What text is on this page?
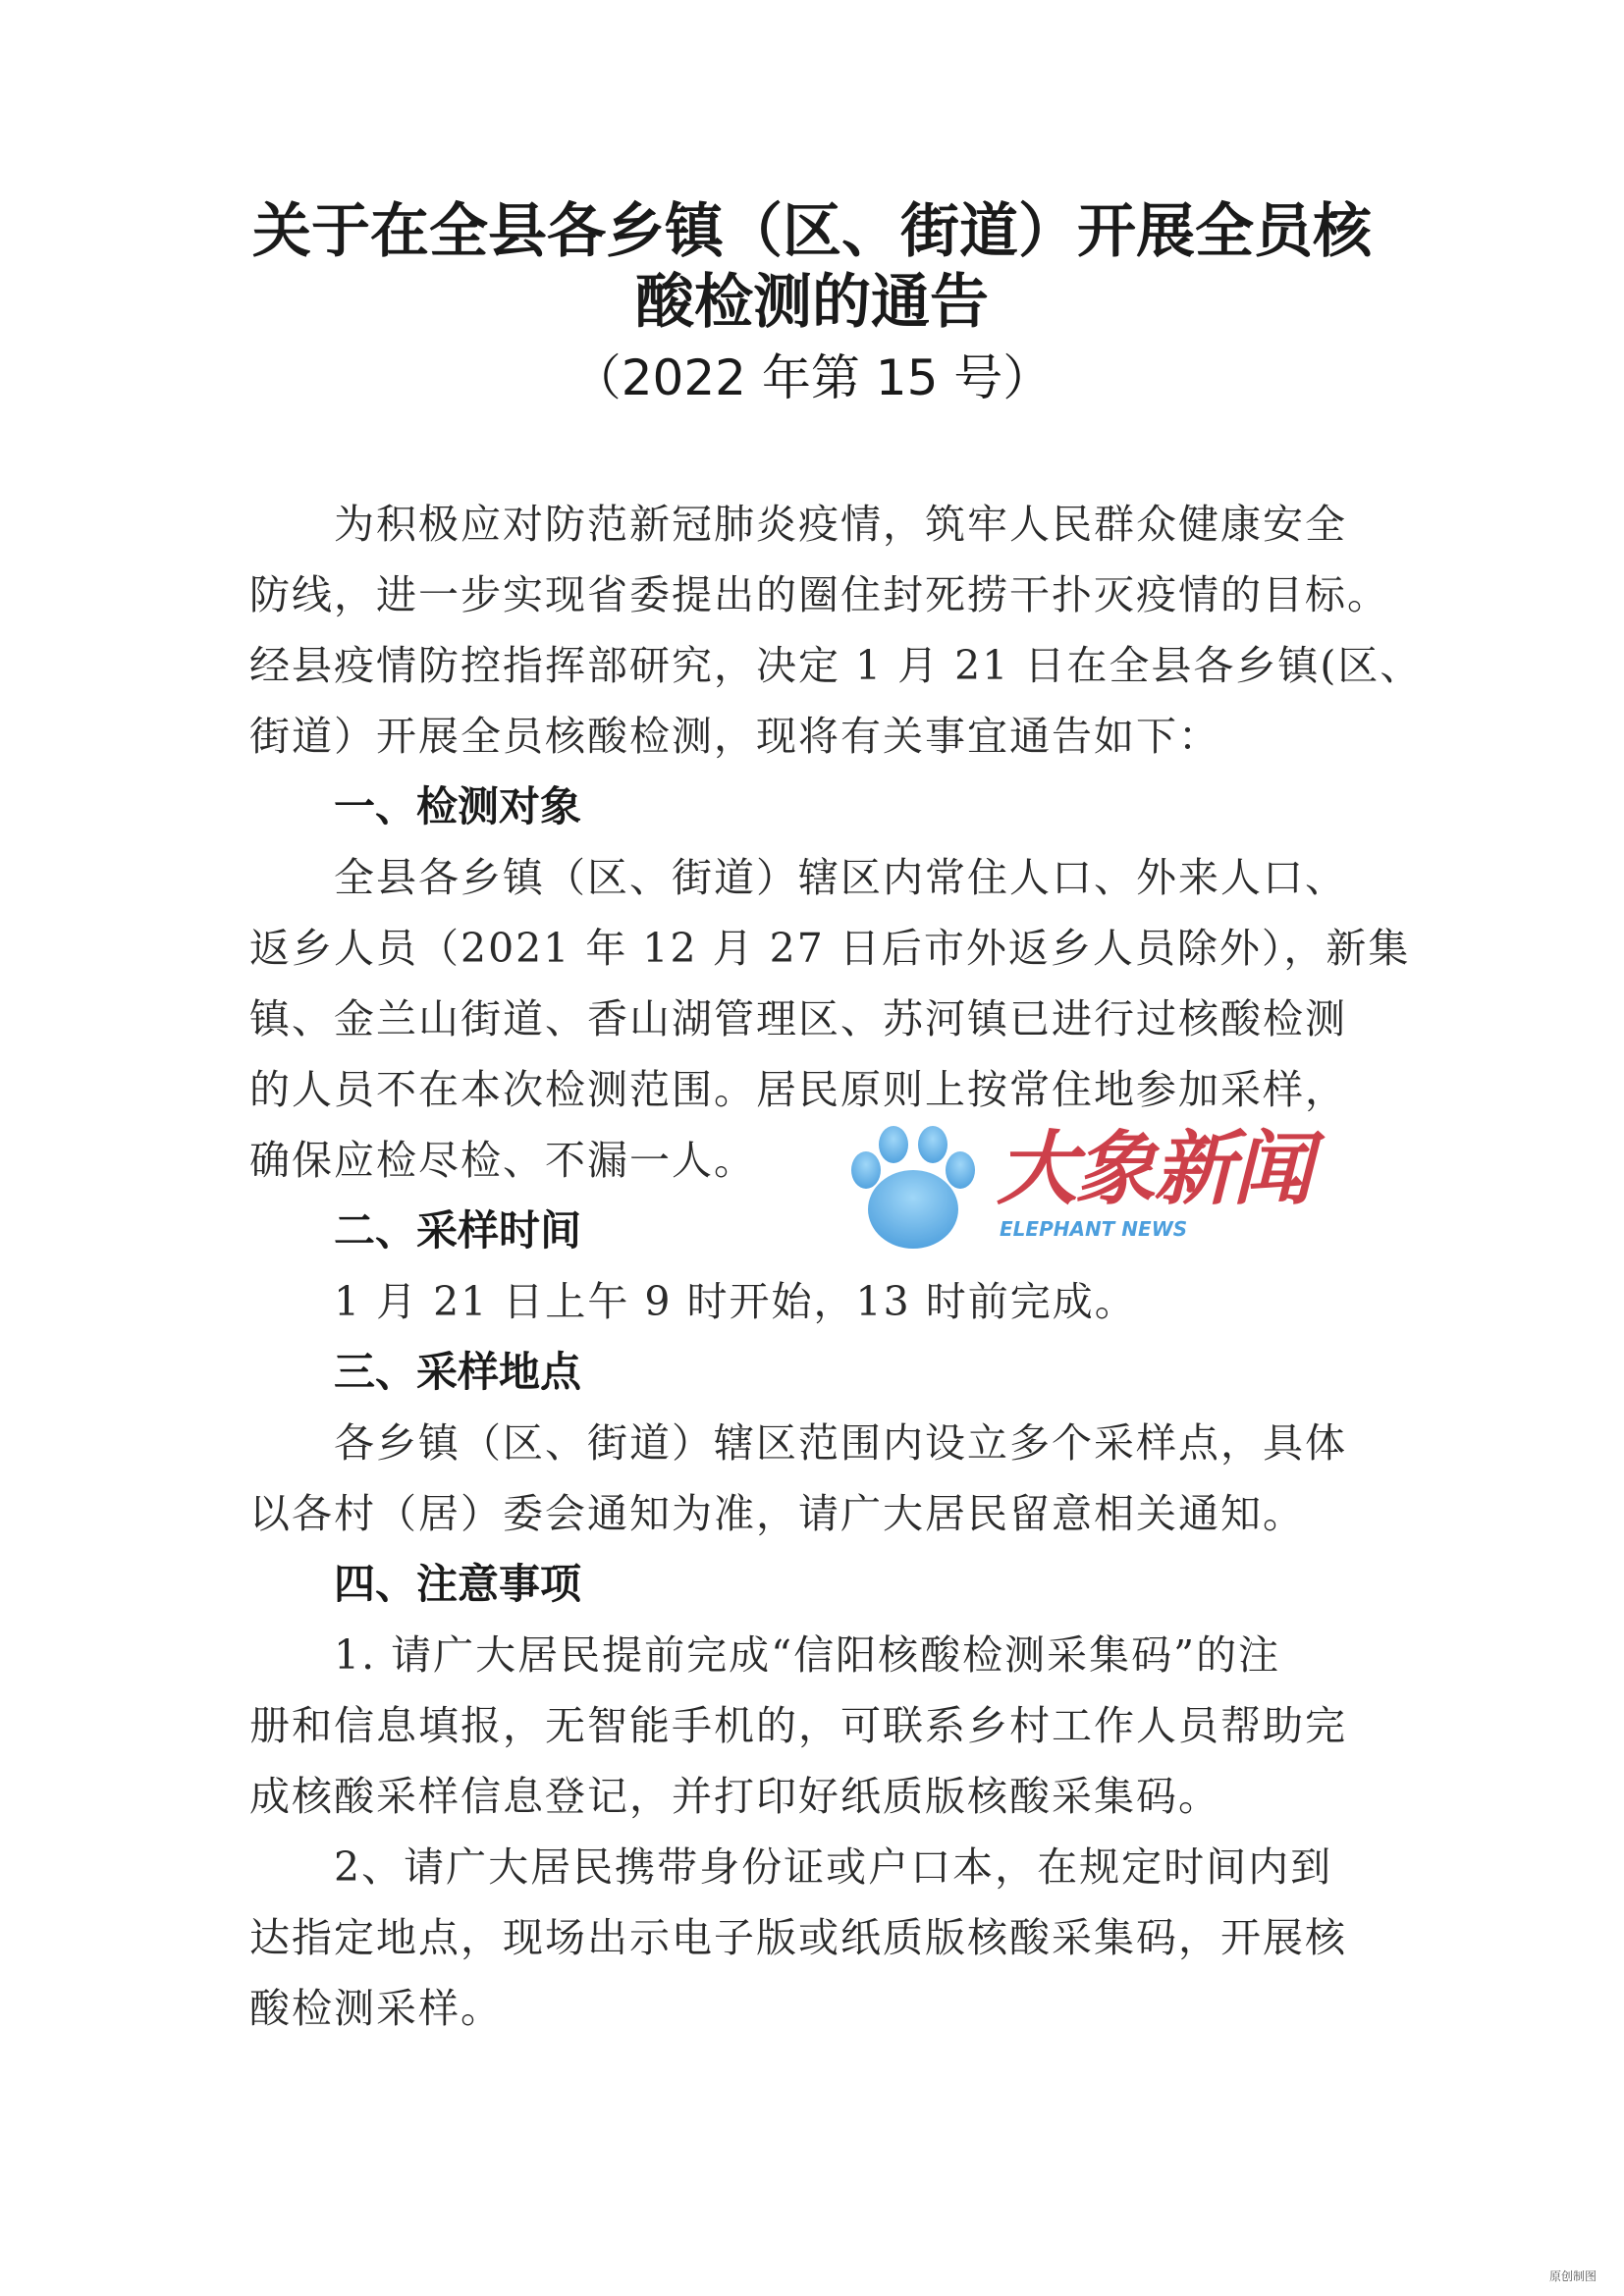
关于在全县各乡镇（区、街道）开展全员核
酸检测的通告
（2022 年第 15 号）
为积极应对防范新冠肺炎疫情，筑牢人民群众健康安全
防线，进一步实现省委提出的圈住封死捞干扑灭疫情的目标。
经县疫情防控指挥部研究，决定 1 月 21 日在全县各乡镇(区、
街道）开展全员核酸检测，现将有关事宜通告如下：
一、检测对象
全县各乡镇（区、街道）辖区内常住人口、外来人口、
返乡人员（2021 年 12 月 27 日后市外返乡人员除外），新集
镇、金兰山街道、香山湖管理区、苏河镇已进行过核酸检测
的人员不在本次检测范围。居民原则上按常住地参加采样，
确保应检尽检、不漏一人。
二、采样时间
1 月 21 日上午 9 时开始，13 时前完成。
三、采样地点
各乡镇（区、街道）辖区范围内设立多个采样点，具体
以各村（居）委会通知为准，请广大居民留意相关通知。
四、注意事项
1. 请广大居民提前完成“信阳核酸检测采集码”的注
册和信息填报，无智能手机的，可联系乡村工作人员帮助完
成核酸采样信息登记，并打印好纸质版核酸采集码。
2、请广大居民携带身份证或户口本，在规定时间内到
达指定地点，现场出示电子版或纸质版核酸采集码，开展核
酸检测采样。
大象新闻
ELEPHANT NEWS
原创制图
